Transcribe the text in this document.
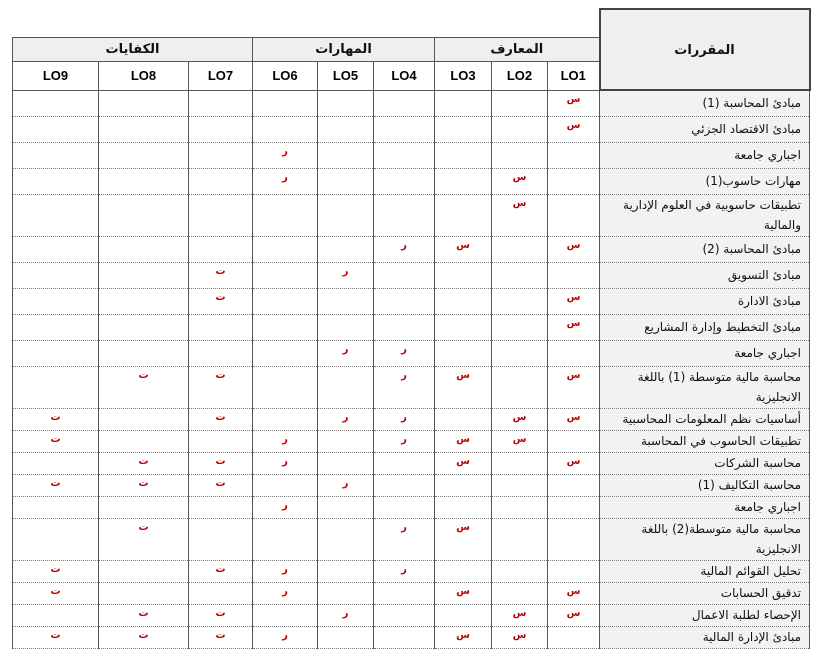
المقررات									
	المعارف			المهارات			الكفايات		
	LO1	LO2	LO3	LO4	LO5	LO6	LO7	LO8	LO9
مبادئ المحاسبة (1)	س								
مبادئ الاقتصاد الجزئي	س								
اجباري جامعة						ر			
مهارات حاسوب(1)		س				ر			
تطبيقات حاسوبية في العلوم الإدارية والمالية		س							
مبادئ المحاسبة (2)	س		س	ر					
مبادئ التسويق					ر		ت		
مبادئ الادارة	س						ت		
مبادئ التخطيط وإدارة المشاريع	س								
اجباري جامعة				ر	ر				
محاسبة مالية متوسطة (1) باللغة الانجليزية	س		س	ر			ت	ت	
أساسيات نظم المعلومات المحاسبية	س	س		ر	ر		ت		ت
تطبيقات الحاسوب في المحاسبة		س	س	ر		ر			ت
محاسبة الشركات	س		س			ر	ت	ت	
محاسبة التكاليف (1)					ر		ت	ت	ت
اجباري جامعة						ر			
محاسبة مالية متوسطة(2) باللغة الانجليزية			س	ر				ت	
تحليل القوائم المالية				ر		ر	ت		ت
تدقيق الحسابات	س		س			ر			ت
الإحصاء لطلبة الاعمال	س	س			ر		ت	ت	
مبادئ الإدارة المالية		س	س			ر	ت	ت	ت
